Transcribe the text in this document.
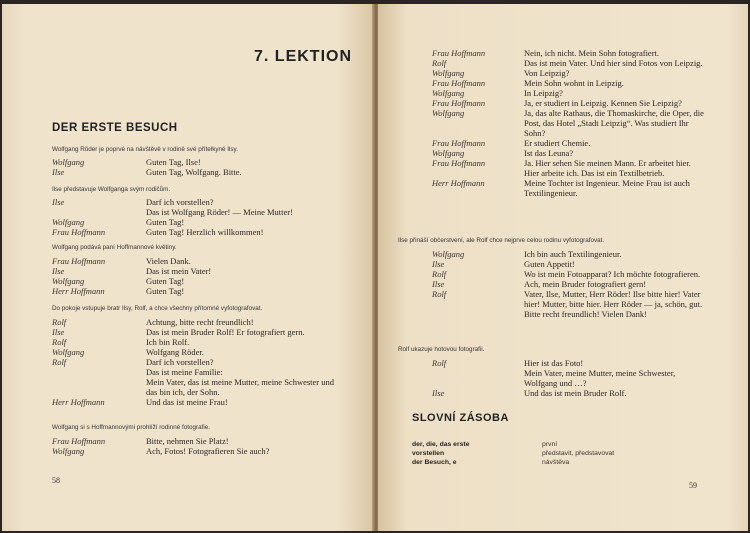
7. LEKTION
DER ERSTE BESUCH
Wolfgang Röder je poprvé na návštěvě v rodině své přítelkyně Ilsy.
Wolfgang	Guten Tag, Ilse!
Ilse	Guten Tag, Wolfgang. Bitte.
Ilse představuje Wolfganga svým rodičům.
Ilse	Darf ich vorstellen?
Das ist Wolfgang Röder! — Meine Mutter!
Wolfgang	Guten Tag!
Frau Hoffmann	Guten Tag! Herzlich willkommen!
Wolfgang podává paní Hoffmannové květiny.
Frau Hoffmann	Vielen Dank.
Ilse	Das ist mein Vater!
Wolfgang	Guten Tag!
Herr Hoffmann	Guten Tag!
Do pokoje vstupuje bratr Ilsy, Rolf, a chce všechny přítomné vyfotografovat.
Rolf	Achtung, bitte recht freundlich!
Ilse	Das ist mein Bruder Rolf! Er fotografiert gern.
Rolf	Ich bin Rolf.
Wolfgang	Wolfgang Röder.
Rolf	Darf ich vorstellen?
Das ist meine Familie:
Mein Vater, das ist meine Mutter, meine Schwester und das bin ich, der Sohn.
Herr Hoffmann	Und das ist meine Frau!
Wolfgang si s Hoffmannovými prohlíží rodinné fotografie.
Frau Hoffmann	Bitte, nehmen Sie Platz!
Wolfgang	Ach, Fotos! Fotografieren Sie auch?
58
Frau Hoffmann	Nein, ich nicht. Mein Sohn fotografiert.
Rolf	Das ist mein Vater. Und hier sind Fotos von Leipzig.
Wolfgang	Von Leipzig?
Frau Hoffmann	Mein Sohn wohnt in Leipzig.
Wolfgang	In Leipzig?
Frau Hoffmann	Ja, er studiert in Leipzig. Kennen Sie Leipzig?
Wolfgang	Ja, das alte Rathaus, die Thomaskirche, die Oper, die Post, das Hotel „Stadt Leipzig“. Was studiert Ihr Sohn?
Frau Hoffmann	Er studiert Chemie.
Wolfgang	Ist das Leuna?
Frau Hoffmann	Ja. Hier sehen Sie meinen Mann. Er arbeitet hier. Hier arbeite ich. Das ist ein Textilbetrieb.
Herr Hoffmann	Meine Tochter ist Ingenieur. Meine Frau ist auch Textilingenieur.
Ilse přináší občerstvení, ale Rolf chce nejprve celou rodinu vyfotografovat.
Wolfgang	Ich bin auch Textilingenieur.
Ilse	Guten Appetit!
Rolf	Wo ist mein Fotoapparat? Ich möchte fotografieren.
Ilse	Ach, mein Bruder fotografiert gern!
Rolf	Vater, Ilse, Mutter, Herr Röder! Ilse bitte hier! Vater hier! Mutter, bitte hier. Herr Röder — ja, schön, gut. Bitte recht freundlich! Vielen Dank!
Rolf ukazuje hotovou fotografii.
Rolf	Hier ist das Foto!
Mein Vater, meine Mutter, meine Schwester, Wolfgang und …?
Ilse	Und das ist mein Bruder Rolf.
SLOVNÍ ZÁSOBA
der, die, das erste	první
vorstellen	představit, představovat
der Besuch, e	návštěva
59
